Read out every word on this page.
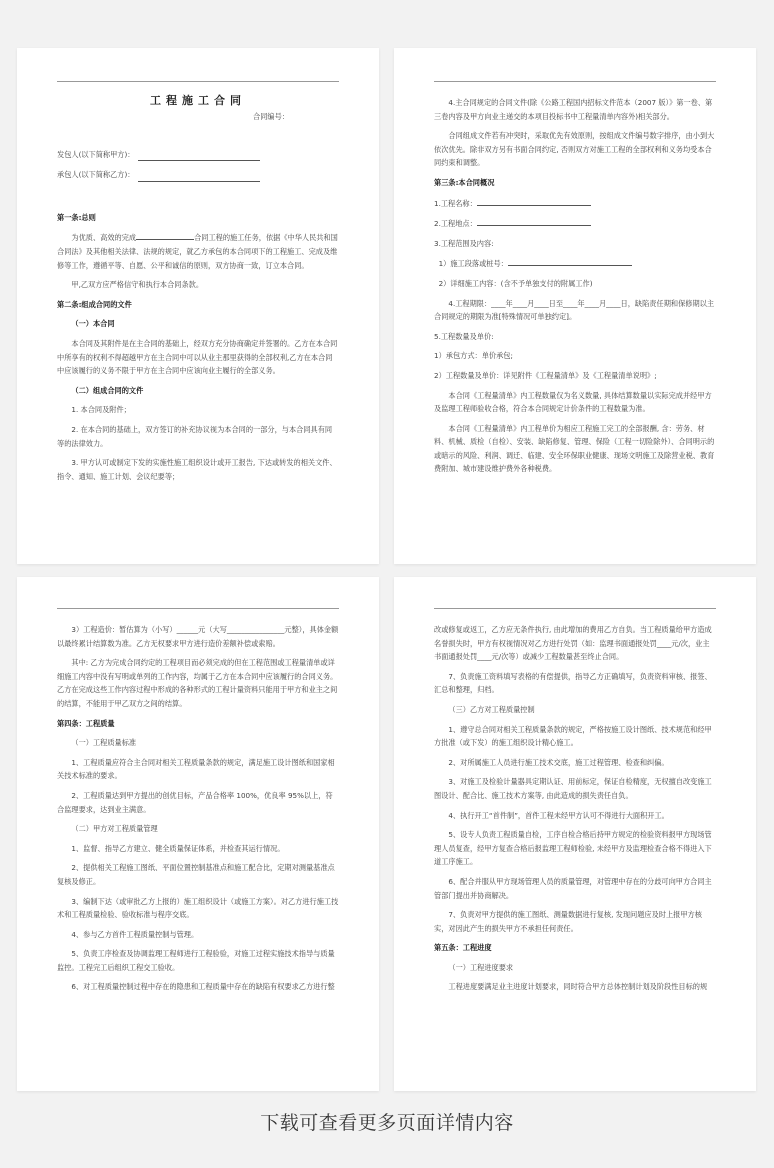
工程施工合同
合同编号：
发包人(以下简称甲方)：
承包人(以下简称乙方)：

第一条:总则

为优质、高效的完成	合同工程的施工任务，依据《中华人民共和国合同法》及其他相关法律、法规的规定，就乙方承包的本合同项下的工程施工、完成及维修等工作，遵循平等、自愿、公平和诚信的原则，双方协商一致，订立本合同。

甲,乙双方应严格信守和执行本合同条款。

第二条:组成合同的文件

（一）本合同

本合同及其附件是在主合同的基础上，经双方充分协商确定并签署的。乙方在本合同中所享有的权利不得超越甲方在主合同中可以从业主那里获得的全部权利,乙方在本合同中应该履行的义务不限于甲方在主合同中应该向业主履行的全部义务。

（二）组成合同的文件

1. 本合同及附件；

2. 在本合同的基础上，双方签订的补充协议视为本合同的一部分，与本合同具有同等的法律效力。

3. 甲方认可或制定下发的实施性施工组织设计或开工报告, 下达或转发的相关文件、指令、通知、施工计划、会议纪要等；

4.主合同规定的合同文件(除《公路工程国内招标文件范本（2007 版）》第一卷、第三卷内容及甲方向业主递交的本项目投标书中工程量清单内容外)相关部分。

合同组成文件若有冲突时，采取优先有效原则，按组成文件编号数字排序，由小到大依次优先。除非双方另有书面合同约定, 否则双方对施工工程的全部权利和义务均受本合同约束和调整。

第三条:本合同概况

1.工程名称：

2.工程地点：

3.工程范围及内容:

1）施工段落或桩号：

2）详细施工内容：(含不予单独支付的附属工作)

4.工程期限：____年____月____日至____年____月____日，缺陷责任期和保修期以主合同规定的期限为准[特殊情况可单独约定]。

5.工程数量及单价:

1）承包方式：单价承包;

2）工程数量及单价：详见附件《工程量清单》及《工程量清单说明》;

本合同《工程量清单》内工程数量仅为名义数量, 具体结算数量以实际完成并经甲方及监理工程师验收合格，符合本合同规定计价条件的工程数量为准。

本合同《工程量清单》内工程单价为相应工程施工完工的全部报酬, 含：劳务、材料、机械、质检（自检）、安装、缺陷修复、管理、保险（工程一切险除外）、合同明示的或暗示的风险、利润、调迁、临建、安全环保职业健康、现场文明施工及除营业税、教育费附加、城市建设维护费外各种税费。

3）工程造价：暂估算为（小写）______元（大写________________元整），具体金额以最终累计结算数为准。乙方无权要求甲方进行造价差额补偿或索赔。

其中: 乙方为完成合同约定的工程项目而必须完成的但在工程范围或工程量清单或详细施工内容中没有写明或单列的工作内容，均属于乙方在本合同中应该履行的合同义务。乙方在完成这些工作内容过程中形成的各种形式的工程计量资料只能用于甲方和业主之间的结算，不能用于甲乙双方之间的结算。

第四条：工程质量

（一）工程质量标准

1、工程质量应符合主合同对相关工程质量条款的规定，满足施工设计图纸和国家相关技术标准的要求。

2、工程质量达到甲方提出的创优目标，产品合格率 100%，优良率 95%以上，符合监理要求，达到业主满意。

（二）甲方对工程质量管理

1、监督、指导乙方建立、健全质量保证体系，并检查其运行情况。

2、提供相关工程施工图纸、平面位置控制基准点和施工配合比，定期对测量基准点复核及修正。

3、编制下达（或审批乙方上报的）施工组织设计（或施工方案）。对乙方进行施工技术和工程质量检验、验收标准与程序交底。

4、参与乙方首件工程质量控制与管理。

5、负责工序检查及协调监理工程师进行工程验验，对施工过程实施技术指导与质量监控。工程完工后组织工程交工验收。

6、对工程质量控制过程中存在的隐患和工程质量中存在的缺陷有权要求乙方进行整

改或修复或返工，乙方应无条件执行, 由此增加的费用乙方自负。当工程质量给甲方造成名誉损失时，甲方有权视情况对乙方进行处罚（如：监理书面通报处罚____元/次，业主书面通报处罚____元/次等）或减少工程数量甚至终止合同。

7、负责施工资料填写表格的有偿提供，指导乙方正确填写，负责资料审核、报签、汇总和整理，归档。

（三）乙方对工程质量控制

1、遵守总合同对相关工程质量条款的规定，严格按施工设计图纸、技术规范和经甲方批准（或下发）的施工组织设计精心施工。

2、对所属施工人员进行施工技术交底，施工过程管理、检查和纠偏。

3、对施工及检验计量器具定期认证、用前标定，保证自检精度，无权擅自改变施工图设计、配合比、施工技术方案等, 由此造成的损失责任自负。

4、执行开工“首件制”，首件工程未经甲方认可不得进行大面积开工。

5、设专人负责工程质量自检，工序自检合格后持甲方规定的检验资料报甲方现场管理人员复查，经甲方复查合格后报监理工程师检验, 未经甲方及监理检查合格不得进入下道工序施工。

6、配合并服从甲方现场管理人员的质量管理，对管理中存在的分歧可向甲方合同主管部门提出并协商解决。

7、负责对甲方提供的施工图纸、测量数据进行复核, 发现问题应及时上报甲方核实，对因此产生的损失甲方不承担任何责任。

第五条：工程进度

（一）工程进度要求

工程进度要满足业主进度计划要求，同时符合甲方总体控制计划及阶段性目标的规

下载可查看更多页面详情内容
